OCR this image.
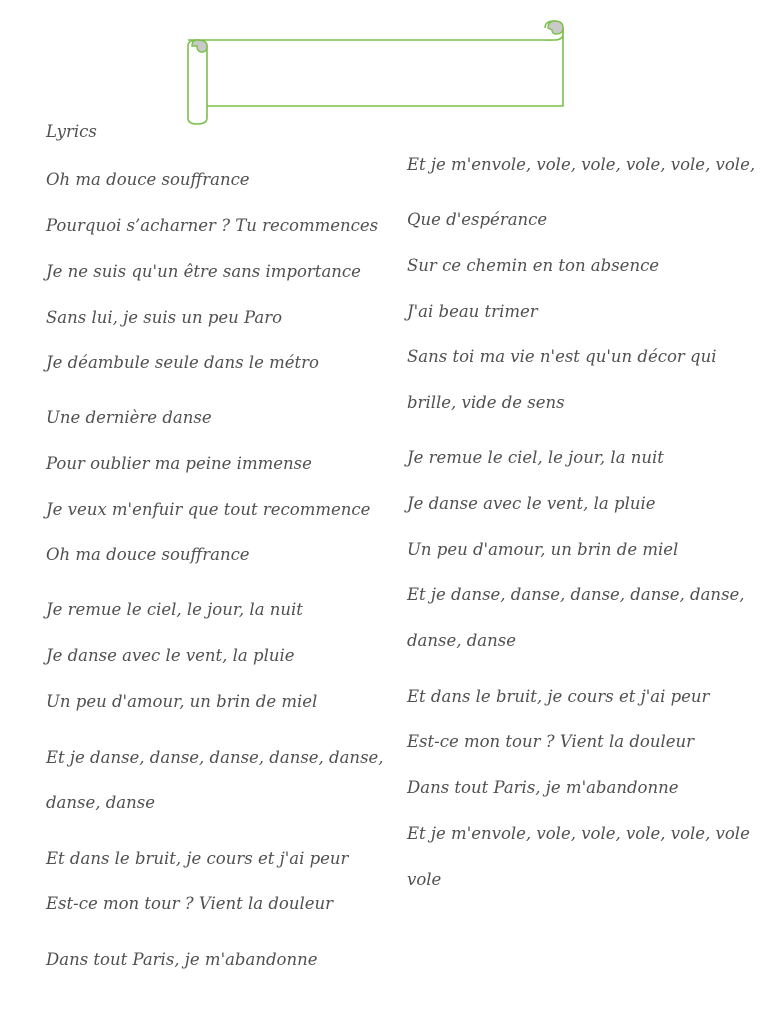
Lyrics

Oh ma douce souffrance

Pourquoi s’acharner ? Tu recommences

Je ne suis qu'un être sans importance

Sans lui, je suis un peu Paro

Je déambule seule dans le métro

Une dernière danse

Pour oublier ma peine immense

Je veux m'enfuir que tout recommence

Oh ma douce souffrance

Je remue le ciel, le jour, la nuit

Je danse avec le vent, la pluie

Un peu d'amour, un brin de miel

Et je danse, danse, danse, danse, danse,

danse, danse

Et dans le bruit, je cours et j'ai peur

Est-ce mon tour ? Vient la douleur

Dans tout Paris, je m'abandonne

Et je m'envole, vole, vole, vole, vole, vole,

Que d'espérance

Sur ce chemin en ton absence

J'ai beau trimer

Sans toi ma vie n'est qu'un décor qui

brille, vide de sens

Je remue le ciel, le jour, la nuit

Je danse avec le vent, la pluie

Un peu d'amour, un brin de miel

Et je danse, danse, danse, danse, danse,

danse, danse

Et dans le bruit, je cours et j'ai peur

Est-ce mon tour ? Vient la douleur

Dans tout Paris, je m'abandonne

Et je m'envole, vole, vole, vole, vole, vole

vole
